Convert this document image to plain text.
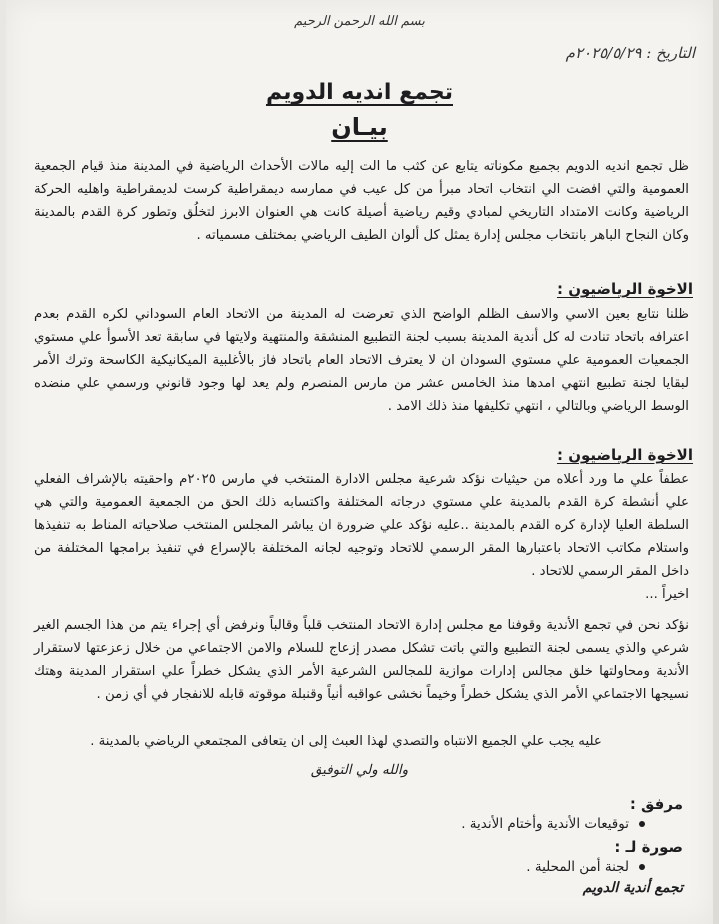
بسم الله الرحمن الرحيم
التاريخ : ٢٠٢٥/٥/٢٩م
تجمع انديه الدويم
بيـان

ظل تجمع انديه الدويم بجميع مكوناته يتابع عن كثب ما الت إليه مالات الأحداث الرياضية في المدينة منذ قيام الجمعية العمومية والتي افضت الي انتخاب اتحاد مبرأ من كل عيب في ممارسه ديمقراطية كرست لديمقراطية واهليه الحركة الرياضية وكانت الامتداد التاريخي لمبادي وقيم رياضية أصيلة كانت هي العنوان الابرز لتخلُق وتطور كرة القدم بالمدينة وكان النجاح الباهر بانتخاب مجلس إدارة يمثل كل ألوان الطيف الرياضي بمختلف مسمياته .

الاخوة الرياضيون :

ظلنا نتابع بعين الاسي والاسف الظلم الواضح الذي تعرضت له المدينة من الاتحاد العام السوداني لكره القدم بعدم اعترافه باتحاد تنادت له كل أندية المدينة بسبب لجنة التطبيع المنشقة والمنتهية ولايتها في سابقة تعد الأسوأ علي مستوي الجمعيات العمومية علي مستوي السودان ان لا يعترف الاتحاد العام باتحاد فاز بالأغلبية الميكانيكية الكاسحة وترك الأمر لبقايا لجنة تطبيع انتهي امدها منذ الخامس عشر من مارس المنصرم ولم يعد لها وجود قانوني ورسمي علي منضده الوسط الرياضي وبالتالي ، انتهي تكليفها منذ ذلك الامد .

الاخوة الرياضيون :
عطفاً علي ما ورد أعلاه من حيثيات نؤكد شرعية مجلس الادارة المنتخب في مارس ٢٠٢٥م واحقيته بالإشراف الفعلي علي أنشطة كرة القدم بالمدينة علي مستوي درجاته المختلفة واكتسابه ذلك الحق من الجمعية العمومية والتي هي السلطة العليا لإدارة كره القدم بالمدينة ..عليه نؤكد علي ضرورة ان يباشر المجلس المنتخب صلاحياته المناط به تنفيذها واستلام مكاتب الاتحاد باعتبارها المقر الرسمي للاتحاد وتوجيه لجانه المختلفة بالإسراع في تنفيذ برامجها المختلفة من داخل المقر الرسمي للاتحاد .
اخيراً ...

نؤكد نحن في تجمع الأندية وقوفنا مع مجلس إدارة الاتحاد المنتخب قلباً وقالباً ونرفض أي إجراء يتم من هذا الجسم الغير شرعي والذي يسمى لجنة التطبيع والتي باتت تشكل مصدر إزعاج للسلام والامن الاجتماعي من خلال زعزعتها لاستقرار الأندية ومحاولتها خلق مجالس إدارات موازية للمجالس الشرعية الأمر الذي يشكل خطراً علي استقرار المدينة وهتك نسيجها الاجتماعي الأمر الذي يشكل خطراً وخيماً نخشى عواقبه أنياً وقنبلة موقوته قابله للانفجار في أي زمن .

عليه يجب علي الجميع الانتباه والتصدي لهذا العبث إلى ان يتعافى المجتمعي الرياضي بالمدينة .

والله ولي التوفيق
مرفق :
توقيعات الأندية وأختام الأندية .
صورة لـ :
لجنة أمن المحلية .
تجمع أندية الدويم
